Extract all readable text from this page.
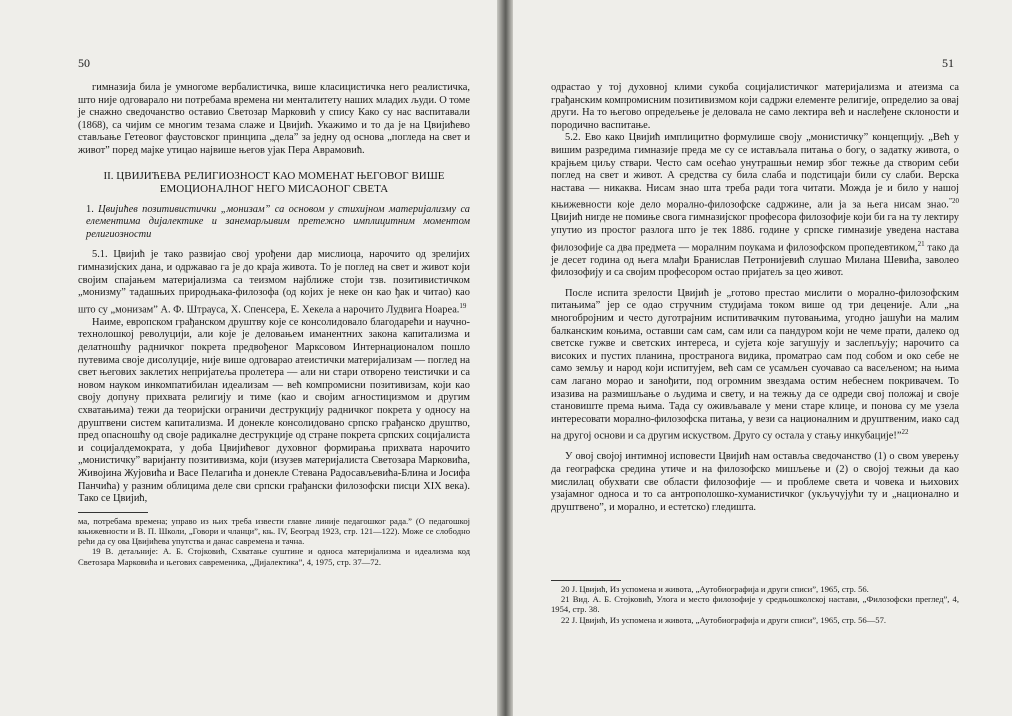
50

гимназија била је умногоме вербалистичка, више класицистичка него реалистичка, што није одговарало ни потребама времена ни менталитету наших младих људи. О томе је снажно сведочанство оставио Светозар Марковић у спису Како су нас васпитавали (1868), са чијим се многим тезама слаже и Цвијић. Укажимо и то да је на Цвијићево стављање Гетеовог фаустовског принципа „дела” за једну од основа „погледа на свет и живот” поред мајке утицао највише његов ујак Пера Аврамовић.

II. ЦВИЈИЋЕВА РЕЛИГИОЗНОСТ КАО МОМЕНАТ ЊЕГОВОГ ВИШЕ ЕМОЦИОНАЛНОГ НЕГО МИСАОНОГ СВЕТА
1. Цвијићев позитивистички „монизам” са основом у стихијном материјализму са елементима дијалектике и занемарљивим претежно имплицитним моментом религиозности

5.1. Цвијић је тако развијао свој урођени дар мислиоца, нарочито од зрелијих гимназијских дана, и одржавао га је до краја живота. То је поглед на свет и живот који својим спајањем материјализма са теизмом најближе стоји тзв. позитивистичком „монизму” тадашњих природњака-филозофа (од којих је неке он као ђак и читао) као што су „монизам” А. Ф. Штрауса, Х. Спенсера, Е. Хекела а нарочито Лудвига Ноареа.$^{19}$

Наиме, европском грађанском друштву које се консолидовало благодарећи и научно-технолошкој револуцији, али које је деловањем иманентних закона капитализма и делатношћу радничког покрета предвођеног Марксовом Интернационалом пошло путевима своје дисолуције, није више одговарао атеистички материјализам — поглед на свет његових заклетих непријатеља пролетера — али ни стари отворено теистички и са новом науком инкомпатибилан идеализам — већ компромисни позитивизам, који као своју допуну прихвата религију и тиме (као и својим агностицизмом и другим схватањима) тежи да теоријски ограничи деструкцију радничког покрета у односу на друштвени систем капитализма. И донекле консолидовано српско грађанско друштво, пред опасношћу од своје радикалне деструкције од стране покрета српских социјалиста и социјалдемократа, у доба Цвијићевог духовног формирања прихвата нарочито „монистичку” варијанту позитивизма, који (изузев материјалиста Светозара Марковића, Живојина Жујовића и Васе Пелагића и донекле Стевана Радосављевића-Блина и Јосифа Панчића) у разним облицима деле сви српски грађански филозофски писци XIX века). Тако се Цвијић,

ма, потребама времена; управо из њих треба извести главне линије педагошког рада.” (О педагошкој књижевности и В. П. Школи, „Говори и чланци”, књ. IV, Београд 1923, стр. 121—122). Може се слободно рећи да су ова Цвијићева упутства и данас савремена и тачна.

19 В. детаљније: А. Б. Стојковић, Схватање суштине и односа материјализма и идеализма код Светозара Марковића и његових савременика, „Дијалектика”, 4, 1975, стр. 37—72.

51

одрастао у тој духовној клими сукоба социјалистичког материјализма и атеизма са грађанским компромисним позитивизмом који садржи елементе религије, определио за овај други. На то његово опредељење је деловала не само лектира већ и наслеђене склоности и породично васпитање.

5.2. Ево како Цвијић имплицитно формулише своју „монистичку” концепцију. „Већ у вишим разредима гимназије преда ме су се истављала питања о богу, о задатку живота, о крајњем циљу ствари. Често сам осећао унутрашњи немир због тежње да створим себи поглед на свет и живот. А средства су била слаба и подстицаји били су слаби. Верска настава — никаква. Нисам знао шта треба ради тога читати. Можда је и било у нашој књижевности које дело морално-филозофске садржине, али ја за њега нисам знао.$^{”20}$ Цвијић нигде не помиње свога гимназијског професора филозофије који би га на ту лектиру упутио из простог разлога што је тек 1886. године у српске гимназије уведена настава филозофије са два предмета — моралним поукама и филозофском пропедевтиком,$^{21}$ тако да је десет година од њега млађи Бранислав Петронијевић слушао Милана Шевића, заволео филозофију и са својим професором остао пријатељ за цео живот.

После испита зрелости Цвијић је „готово престао мислити о морално-филозофским питањима” јер се одао стручним студијама током више од три деценије. Али „на многобројним и често дуготрајним испитивачким путовањима, угодно јашући на малим балканским коњима, оставши сам сам, сам или са пандуром који не чеме прати, далеко од светске гужве и светских интереса, и сујета које загушују и заслепљују; нарочито са високих и пустих планина, пространога видика, проматрао сам под собом и око себе не само земљу и народ који испитујем, већ сам се усамљен суочавао са васељеном; на њима сам лагано морао и занођити, под огромним звездама остим небеснем покривачем. То изазива на размишљање о људима и свету, и на тежњу да се одреди свој положај и своје становиште према њима. Тада су оживљавале у мени старе клице, и понова су ме узела интересовати морално-филозофска питања, у вези са националним и друштвеним, иако сад на другој основи и са другим искуством. Друго су остала у стању инкубације!”$^{22}$

У овој својој интимној исповести Цвијић нам оставља сведочанство (1) о свом уверењу да географска средина утиче и на филозофско мишљење и (2) о својој тежњи да као мислилац обухвати све области филозофије — и проблеме света и човека и њихових узајамног односа и то са антрополошко-хуманистичког (укључујући ту и „национално и друштвено”, и морално, и естетско) гледишта.

20 Ј. Цвијић, Из успомена и живота, „Аутобиографија и други списи”, 1965, стр. 56.

21 Вид. А. Б. Стојковић, Улога и место филозофије у средњошколској настави, „Филозофски преглед”, 4, 1954, стр. 38.

22 Ј. Цвијић, Из успомена и живота, „Аутобиографија и други списи”, 1965, стр. 56—57.
